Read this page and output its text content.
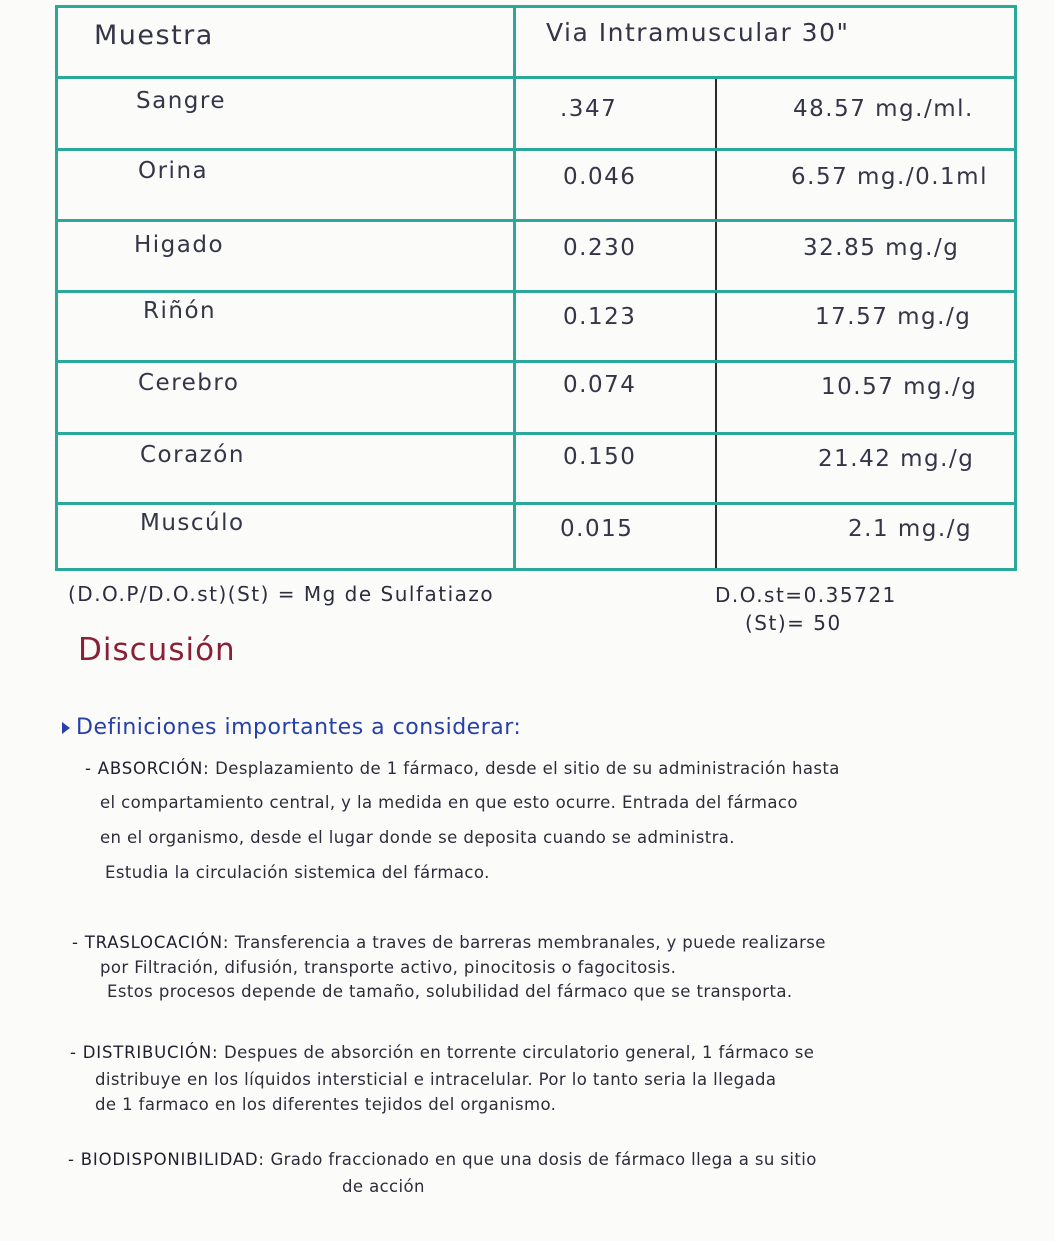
Muestra	Via Intramuscular 30"
Sangre	.347	48.57 mg./ml.
Orina	0.046	6.57 mg./0.1ml
Higado	0.230	32.85 mg./g
Riñón	0.123	17.57 mg./g
Cerebro	0.074	10.57 mg./g
Corazón	0.150	21.42 mg./g
Muscúlo	0.015	2.1 mg./g
(D.O.P/D.O.st)(St) = Mg de Sulfatiazo	D.O.st=0.35721
(St)= 50
Discusión
Definiciones importantes a considerar:
- ABSORCIÓN: Desplazamiento de 1 fármaco, desde el sitio de su administración hasta
el compartamiento central, y la medida en que esto ocurre. Entrada del fármaco
en el organismo, desde el lugar donde se deposita cuando se administra.
Estudia la circulación sistemica del fármaco.
- TRASLOCACIÓN: Transferencia a traves de barreras membranales, y puede realizarse
por Filtración, difusión, transporte activo, pinocitosis o fagocitosis.
Estos procesos depende de tamaño, solubilidad del fármaco que se transporta.
- DISTRIBUCIÓN: Despues de absorción en torrente circulatorio general, 1 fármaco se
distribuye en los líquidos intersticial e intracelular. Por lo tanto seria la llegada
de 1 farmaco en los diferentes tejidos del organismo.
- BIODISPONIBILIDAD: Grado fraccionado en que una dosis de fármaco llega a su sitio
de acción
